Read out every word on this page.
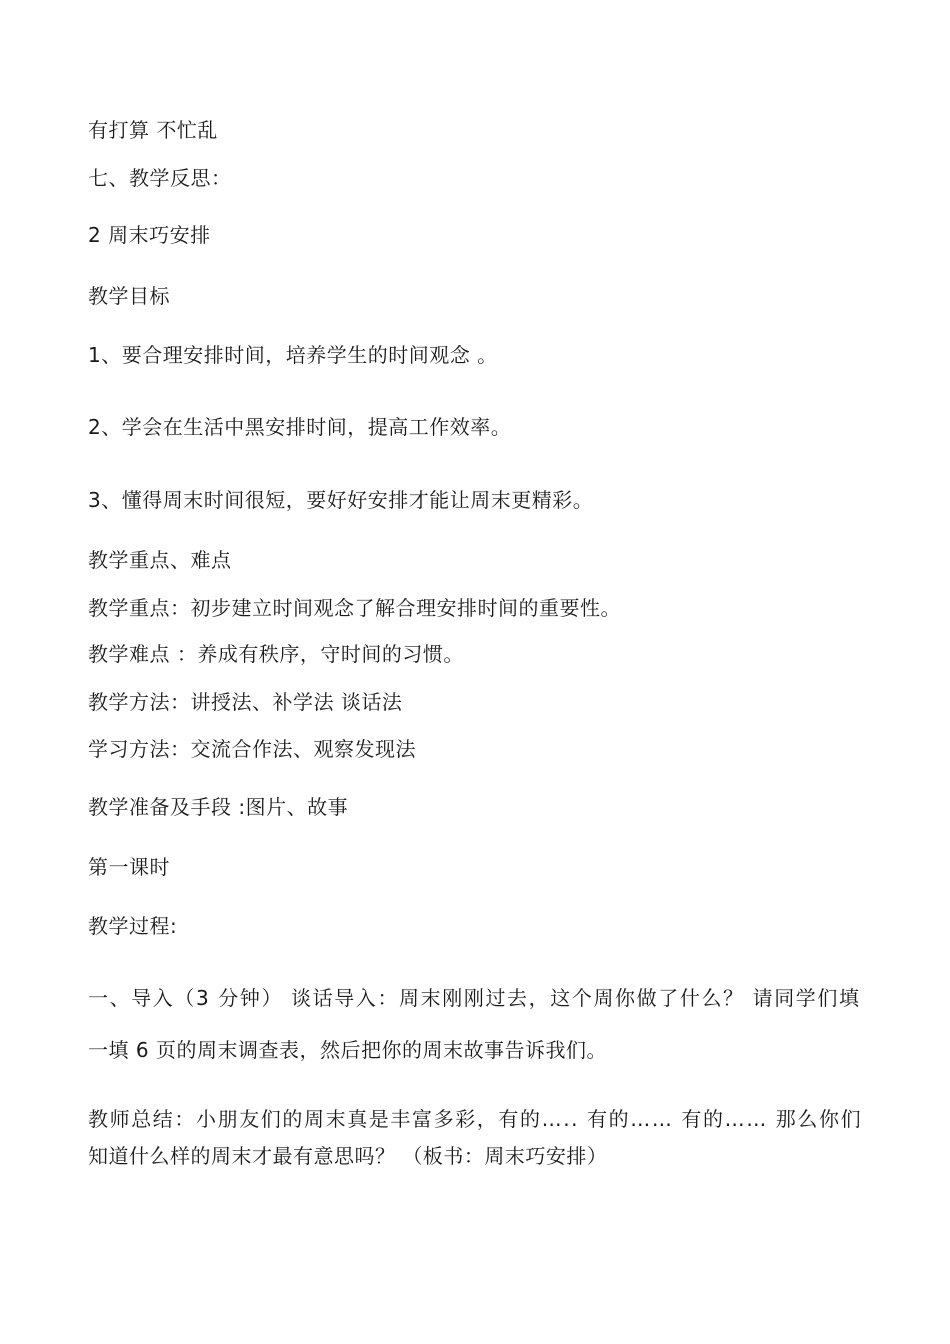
有打算 不忙乱
七、教学反思：
2 周末巧安排
教学目标
1、要合理安排时间，培养学生的时间观念 。
2、学会在生活中黑安排时间，提高工作效率。
3、懂得周末时间很短，要好好安排才能让周末更精彩。
教学重点、难点
教学重点：初步建立时间观念了解合理安排时间的重要性。
教学难点 ：养成有秩序，守时间的习惯。
教学方法：讲授法、补学法 谈话法
学习方法：交流合作法、观察发现法
教学准备及手段 :图片、故事
第一课时
教学过程:
一、导入（3 分钟） 谈话导入：周末刚刚过去，这个周你做了什么？ 请同学们填
一填 6 页的周末调查表，然后把你的周末故事告诉我们。
教师总结：小朋友们的周末真是丰富多彩，有的….. 有的…… 有的…… 那么你们
知道什么样的周末才最有意思吗？ （板书：周末巧安排）
